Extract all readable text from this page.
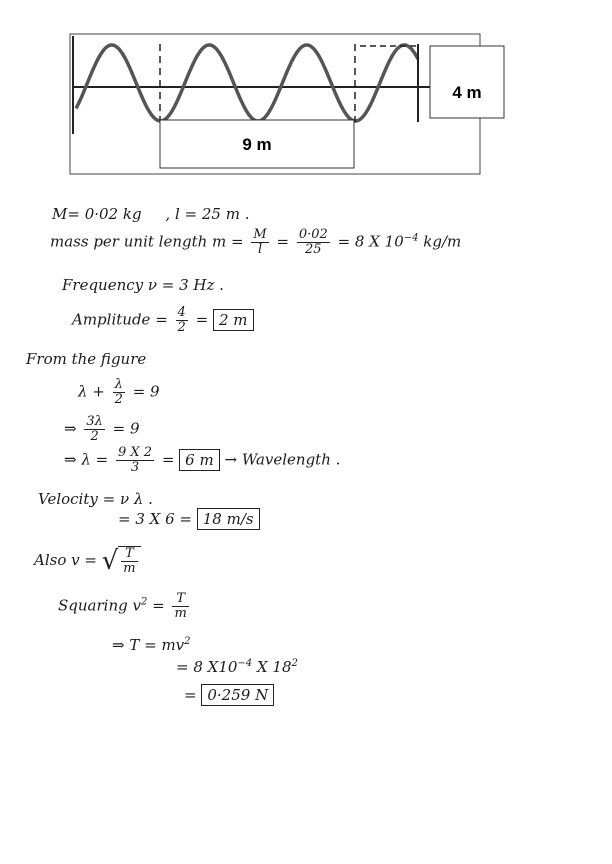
4 m
9 m
M= 0·02 kg , l = 25 m .
mass per unit length $m = \frac{M}{l} = \frac{0\cdot 02}{25} = 8$ X $10^{-4}$ kg/m
Frequency ν = 3 Hz .
Amplitude = $\frac{4}{2} = 2$ m
From the figure
$\lambda + \frac{\lambda}{2} = 9$
⇒ $\frac{3\lambda}{2} = 9$
⇒ $\lambda = \frac{9 X 2}{3} = 6$ m → Wavelength .
Velocity = ν λ .
= 3 X 6 = 18 m/s
Also v = √ $\frac{T}{m}$
Squaring $v^2 = \frac{T}{m}$
⇒ $T = mv^2$
= 8 $X10^{-4}$ X $18^2$
= 0·259 N
